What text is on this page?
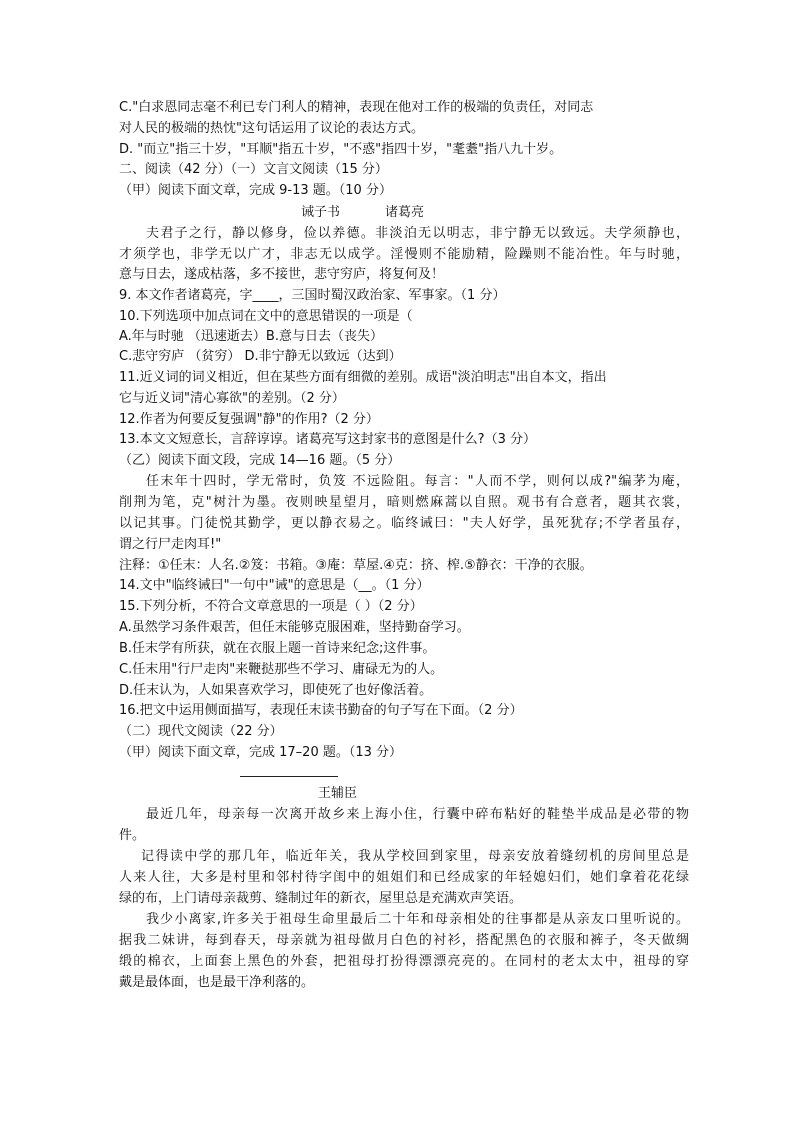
C."白求恩同志毫不利已专门利人的精神，表现在他对工作的极端的负责任，对同志
对人民的极端的热忱"这句话运用了议论的表达方式。
D. "而立"指三十岁，"耳顺"指五十岁，"不惑"指四十岁，"耄耋"指八九十岁。
二、阅读（42 分）（一）文言文阅读（15 分）
（甲）阅读下面文章，完成 9-13 题。（10 分）
诫子书	诸葛亮
夫君子之行，静以修身，俭以养德。非淡泊无以明志，非宁静无以致远。夫学须静也，
才须学也，非学无以广才，非志无以成学。淫慢则不能励精，险躁则不能冶性。年与时驰，
意与日去，遂成枯落，多不接世，悲守穷庐，将复何及！
9. 本文作者诸葛亮，字____，三国时蜀汉政治家、军事家。（1 分）
10.下列选项中加点词在文中的意思错误的一项是（
A.年与时驰 （迅速逝去）B.意与日去（丧失）
C.悲守穷庐 （贫穷） D.非宁静无以致远（达到）
11.近义词的词义相近，但在某些方面有细微的差别。成语"淡泊明志"出自本文，指出
它与近义词"清心寡欲"的差别。（2 分）
12.作者为何要反复强调"静"的作用?（2 分）
13.本文文短意长，言辞谆谆。诸葛亮写这封家书的意图是什么?（3 分）
（乙）阅读下面文段，完成 14—16 题。（5 分）
任末年十四时，学无常时，负笈 不远险阻。每言："人而不学，则何以成?"编茅为庵，
削荆为笔，克"树汁为墨。夜则映星望月，暗则燃麻蒿以自照。观书有合意者，题其衣裳，
以记其事。门徒悦其勤学，更以静衣易之。临终诫曰："夫人好学，虽死犹存;不学者虽存，
谓之行尸走肉耳!"
注释：①任末：人名.②笈：书箱。③庵：草屋.④克：挤、榨.⑤静衣：干净的衣服。
14.文中"临终诫曰"一句中"诫"的意思是（__。（1 分）
15.下列分析，不符合文章意思的一项是（ ）（2 分）
A.虽然学习条件艰苦，但任末能够克服困难，坚持勤奋学习。
B.任末学有所获，就在衣服上题一首诗来纪念;这件事。
C.任末用"行尸走肉"来鞭挞那些不学习、庸碌无为的人。
D.任末认为，人如果喜欢学习，即使死了也好像活着。
16.把文中运用侧面描写，表现任末读书勤奋的句子写在下面。（2 分）
（二）现代文阅读（22 分）
（甲）阅读下面文章，完成 17–20 题。（13 分）
王辅臣
最近几年，母亲每一次离开故乡来上海小住，行囊中碎布粘好的鞋垫半成品是必带的物
件。
记得读中学的那几年，临近年关，我从学校回到家里，母亲安放着缝纫机的房间里总是
人来人往，大多是村里和邻村待字闺中的姐姐们和已经成家的年轻媳妇们，她们拿着花花绿
绿的布，上门请母亲裁剪、缝制过年的新衣，屋里总是充满欢声笑语。
我少小离家,许多关于祖母生命里最后二十年和母亲相处的往事都是从亲友口里听说的。
据我二妹讲，每到春天，母亲就为祖母做月白色的衬衫，搭配黑色的衣服和裤子，冬天做绸
缎的棉衣，上面套上黑色的外套，把祖母打扮得漂漂亮亮的。在同村的老太太中，祖母的穿
戴是最体面，也是最干净利落的。
